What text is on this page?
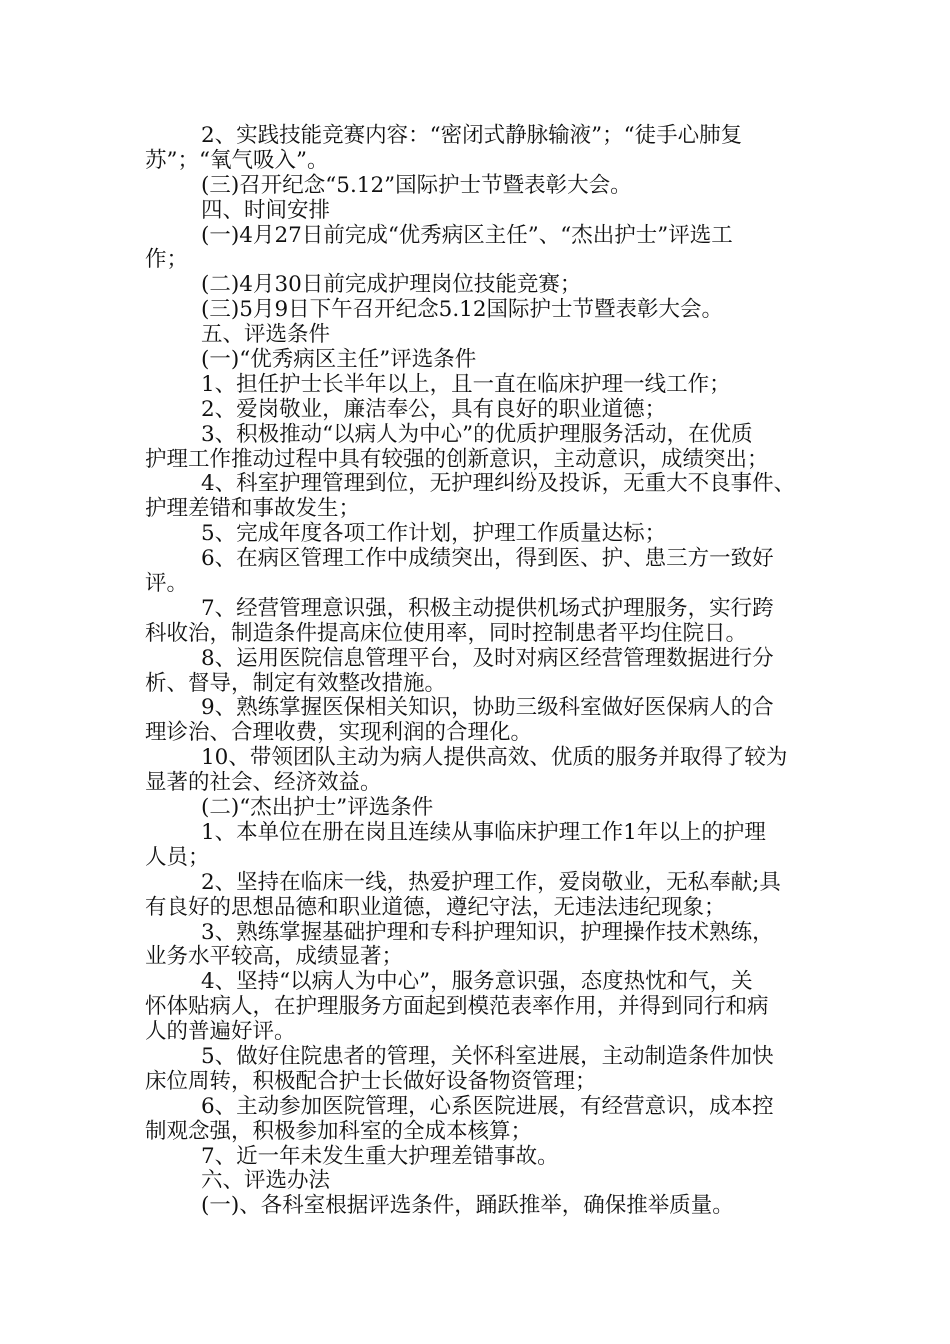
2、实践技能竞赛内容：“密闭式静脉输液”；“徒手心肺复
苏”；“氧气吸入”。
(三)召开纪念“5.12”国际护士节暨表彰大会。
四、时间安排
(一)4月27日前完成“优秀病区主任”、“杰出护士”评选工
作；
(二)4月30日前完成护理岗位技能竞赛；
(三)5月9日下午召开纪念5.12国际护士节暨表彰大会。
五、评选条件
(一)“优秀病区主任”评选条件
1、担任护士长半年以上，且一直在临床护理一线工作；
2、爱岗敬业，廉洁奉公，具有良好的职业道德；
3、积极推动“以病人为中心”的优质护理服务活动，在优质
护理工作推动过程中具有较强的创新意识，主动意识，成绩突出；
4、科室护理管理到位，无护理纠纷及投诉，无重大不良事件、
护理差错和事故发生；
5、完成年度各项工作计划，护理工作质量达标；
6、在病区管理工作中成绩突出，得到医、护、患三方一致好
评。
7、经营管理意识强，积极主动提供机场式护理服务，实行跨
科收治，制造条件提高床位使用率，同时控制患者平均住院日。
8、运用医院信息管理平台，及时对病区经营管理数据进行分
析、督导，制定有效整改措施。
9、熟练掌握医保相关知识，协助三级科室做好医保病人的合
理诊治、合理收费，实现利润的合理化。
10、带领团队主动为病人提供高效、优质的服务并取得了较为
显著的社会、经济效益。
(二)“杰出护士”评选条件
1、本单位在册在岗且连续从事临床护理工作1年以上的护理
人员；
2、坚持在临床一线，热爱护理工作，爱岗敬业，无私奉献;具
有良好的思想品德和职业道德，遵纪守法，无违法违纪现象；
3、熟练掌握基础护理和专科护理知识，护理操作技术熟练，
业务水平较高，成绩显著；
4、坚持“以病人为中心”，服务意识强，态度热忱和气，关
怀体贴病人，在护理服务方面起到模范表率作用，并得到同行和病
人的普遍好评。
5、做好住院患者的管理，关怀科室进展，主动制造条件加快
床位周转，积极配合护士长做好设备物资管理；
6、主动参加医院管理，心系医院进展，有经营意识，成本控
制观念强，积极参加科室的全成本核算；
7、近一年未发生重大护理差错事故。
六、评选办法
(一)、各科室根据评选条件，踊跃推举，确保推举质量。
